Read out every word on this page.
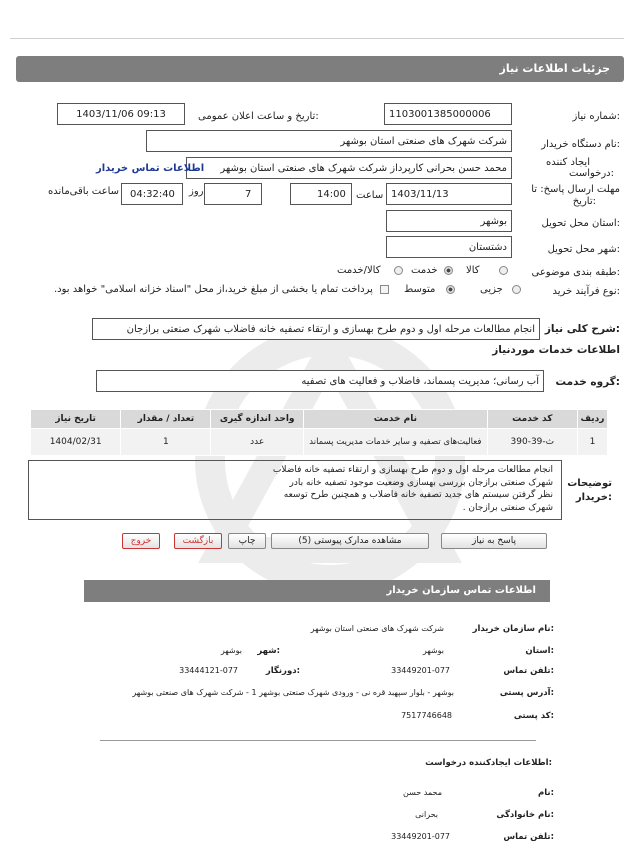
جزئیات اطلاعات نیاز
شماره نیاز:
1103001385000006
تاریخ و ساعت اعلان عمومی:
1403/11/06 09:13
نام دستگاه خریدار:
شرکت شهرک های صنعتی استان بوشهر
ایجاد کننده
درخواست:
محمد حسن بحرانی کارپرداز شرکت شهرک های صنعتی استان بوشهر
اطلاعات تماس خریدار
مهلت ارسال پاسخ: تا
تاریخ:
1403/11/13
ساعت
14:00
7
روز
04:32:40
ساعت باقی‌مانده
استان محل تحویل:
بوشهر
شهر محل تحویل:
دشتستان
طبقه بندی موضوعی:
کالا
خدمت
کالا/خدمت
نوع فرآیند خرید:
جزیی
متوسط
پرداخت تمام یا بخشی از مبلغ خرید،از محل "اسناد خزانه اسلامی" خواهد بود.
شرح کلی نیاز:
انجام مطالعات مرحله اول و دوم طرح بهسازی و ارتقاء تصفیه خانه فاضلاب شهرک صنعتی برازجان
اطلاعات خدمات موردنیاز
گروه خدمت:
آب رسانی؛ مدیریت پسماند، فاضلاب و فعالیت های تصفیه
ردیف	کد خدمت	نام خدمت	واحد اندازه گیری	تعداد / مقدار	تاریخ نیاز
1	ث-39-390	فعالیت‌های تصفیه و سایر خدمات مدیریت پسماند	عدد	1	1404/02/31
توضیحات
خریدار:
انجام مطالعات مرحله اول و دوم طرح بهسازی و ارتقاء تصفیه خانه فاضلاب
شهرک صنعتی برازجان بررسی بهسازی وضعیت موجود تصفیه خانه بادر
نظر گرفتن سیستم های جدید تصفیه خانه فاضلاب و همچنین طرح توسعه
شهرک صنعتی برازجان .
پاسخ به نیاز
مشاهده مدارک پیوستی (5)
چاپ
بازگشت
خروج
اطلاعات تماس سازمان خریدار
نام سازمان خریدار:
شرکت شهرک های صنعتی استان بوشهر
استان:
بوشهر
شهر:
بوشهر
تلفن تماس:
33449201-077
دورنگار:
33444121-077
آدرس پستی:
بوشهر - بلوار سپهبد قره نی - ورودی شهرک صنعتی بوشهر 1 - شرکت شهرک های صنعتی بوشهر
کد پستی:
7517746648
اطلاعات ایجادکننده درخواست:
نام:
محمد حسن
نام خانوادگی:
بحرانی
تلفن تماس:
33449201-077
